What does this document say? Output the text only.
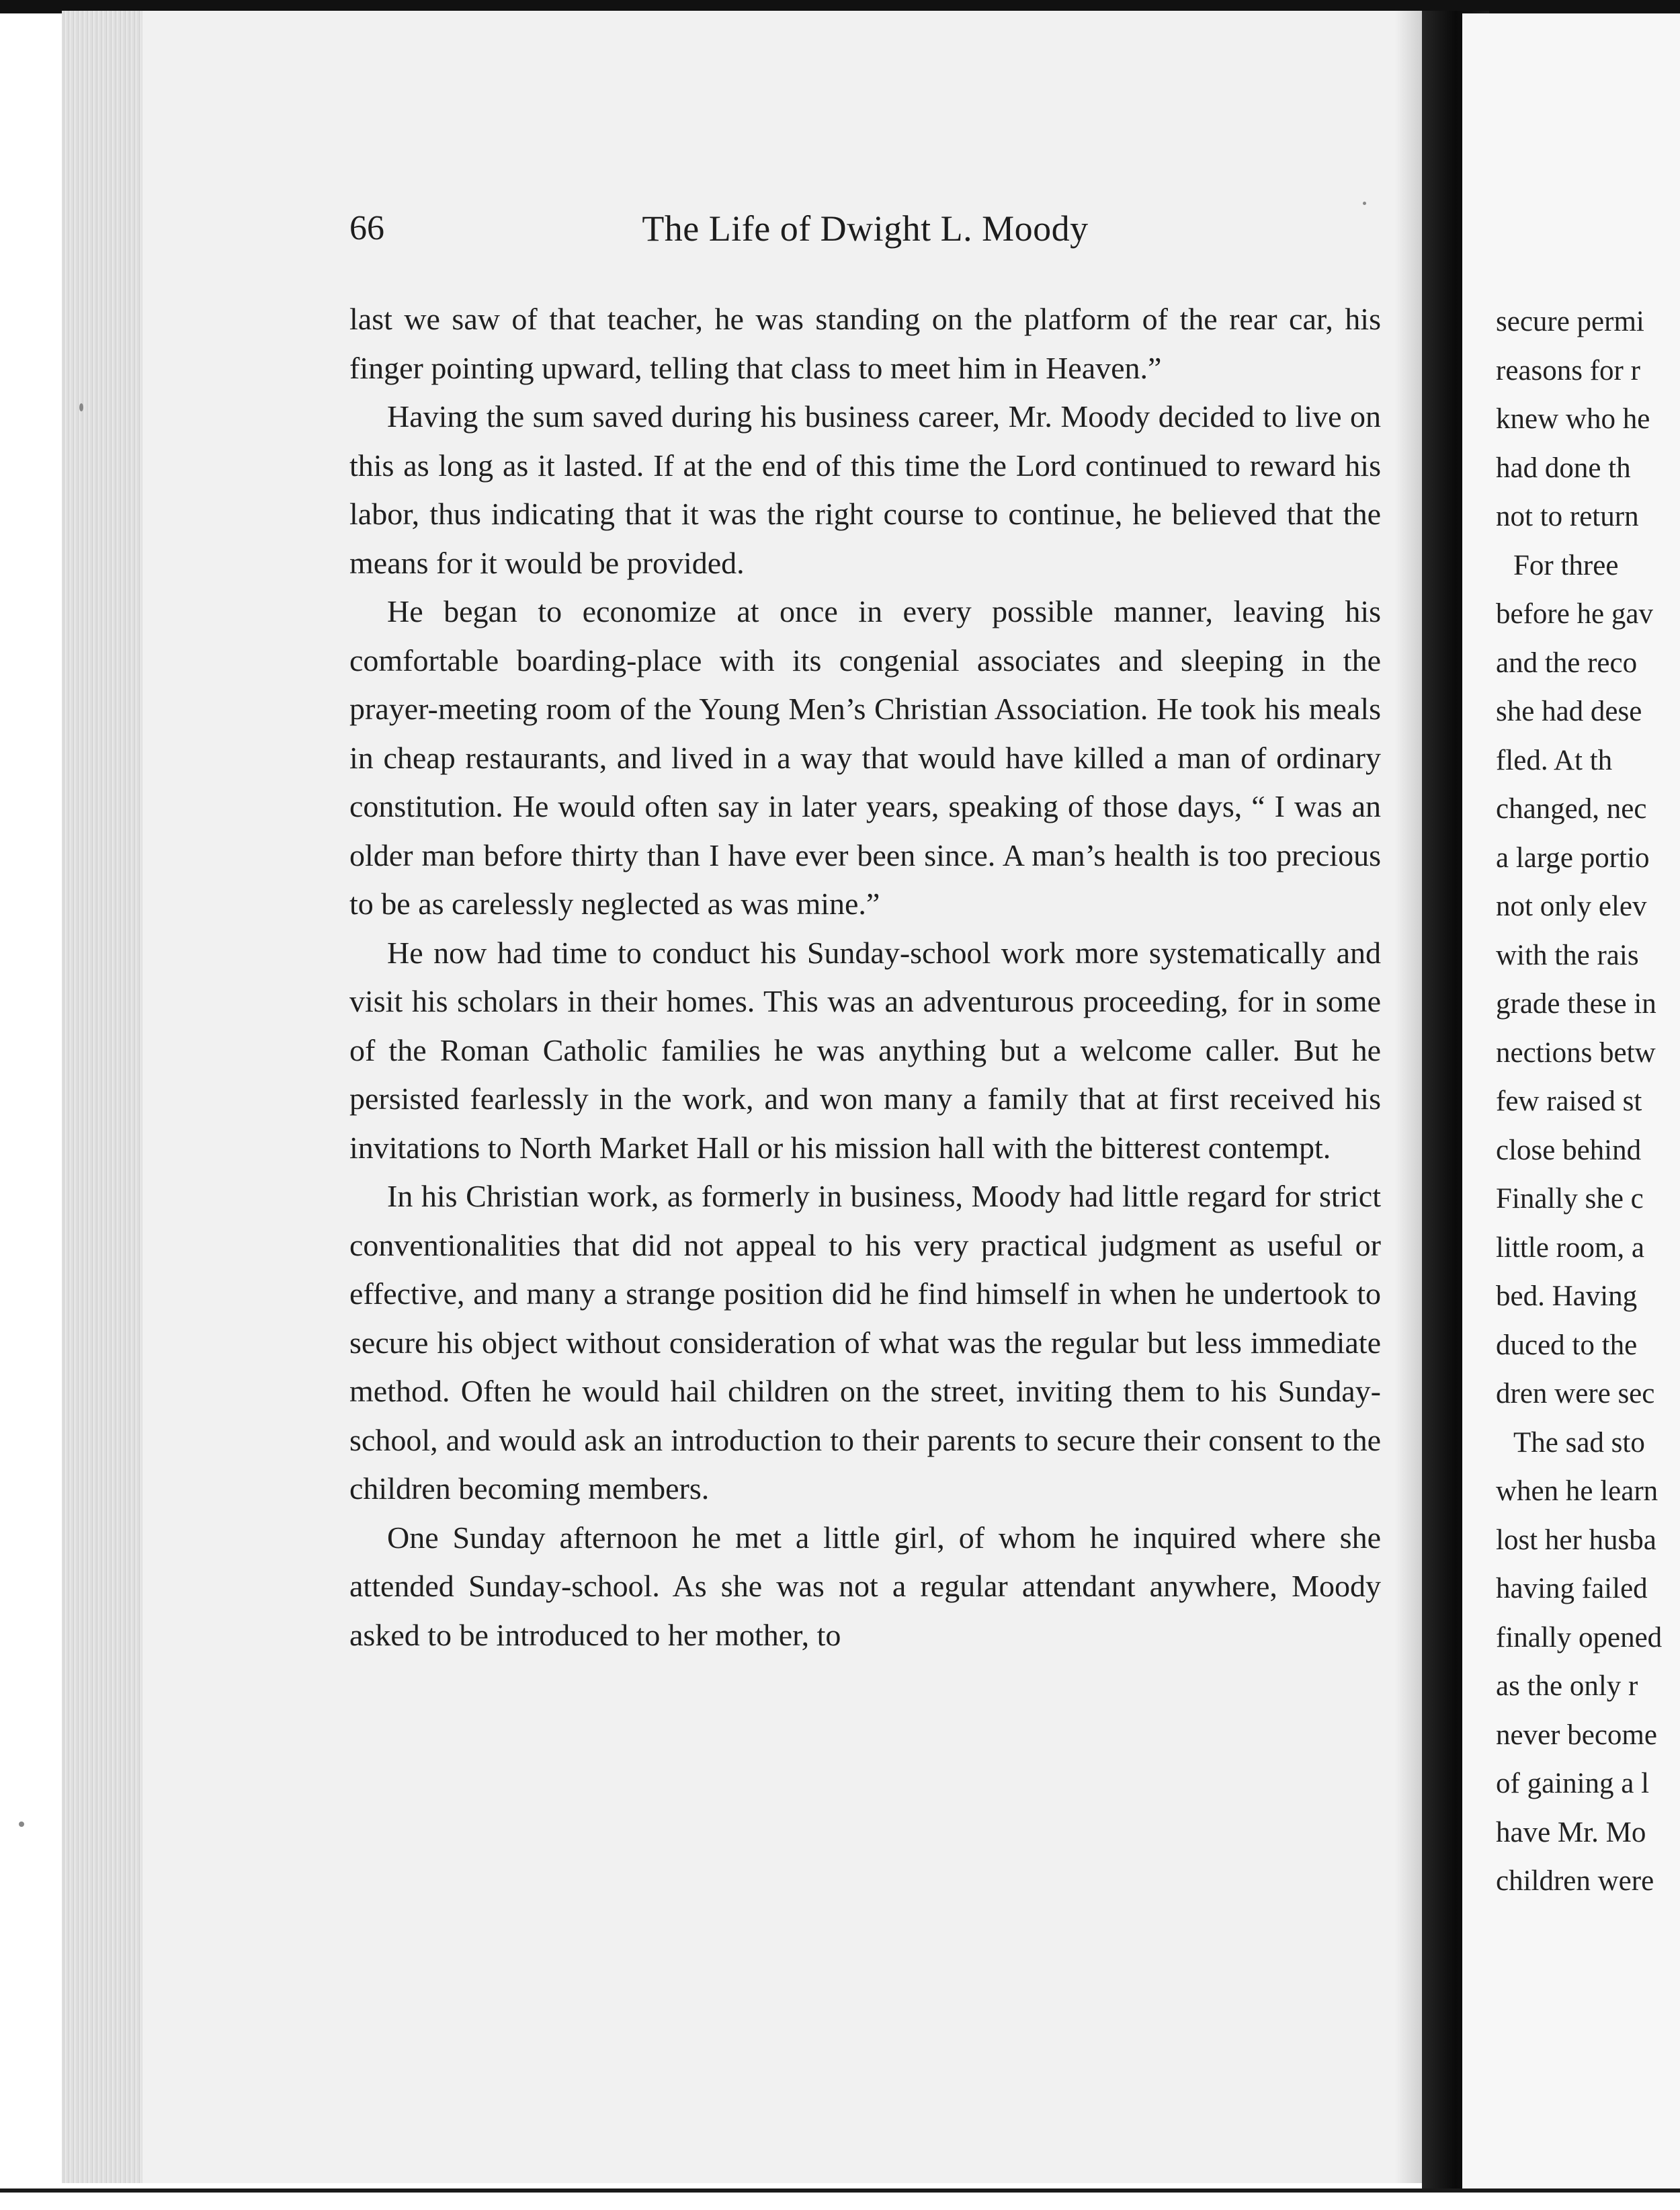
secure permi
reasons for r
knew who he
had done th
not to return
For three
before he gav
and the reco
she had dese
fled. At th
changed, nec
a large portio
not only elev
with the rais
grade these in
nections betw
few raised st
close behind
Finally she c
little room, a
bed. Having
duced to the
dren were sec
The sad sto
when he learn
lost her husba
having failed
finally opened
as the only r
never become
of gaining a l
have Mr. Mo
children were
66	The Life of Dwight L. Moody

last we saw of that teacher, he was standing on the platform of the rear car, his finger pointing upward, telling that class to meet him in Heaven.”

Having the sum saved during his business career, Mr. Moody decided to live on this as long as it lasted. If at the end of this time the Lord continued to reward his labor, thus indicating that it was the right course to continue, he believed that the means for it would be provided.

He began to economize at once in every possible manner, leaving his comfortable boarding-place with its congenial associates and sleeping in the prayer-meeting room of the Young Men’s Christian Association. He took his meals in cheap restaurants, and lived in a way that would have killed a man of ordinary constitution. He would often say in later years, speaking of those days, “ I was an older man before thirty than I have ever been since. A man’s health is too precious to be as carelessly neglected as was mine.”

He now had time to conduct his Sunday-school work more systematically and visit his scholars in their homes. This was an adventurous proceeding, for in some of the Roman Catholic families he was anything but a welcome caller. But he persisted fearlessly in the work, and won many a family that at first received his invitations to North Market Hall or his mission hall with the bitterest contempt.

In his Christian work, as formerly in business, Moody had little regard for strict conventionalities that did not appeal to his very practical judgment as useful or effective, and many a strange position did he find himself in when he undertook to secure his object without consideration of what was the regular but less immediate method. Often he would hail children on the street, inviting them to his Sunday-school, and would ask an introduction to their parents to secure their consent to the children becoming members.

One Sunday afternoon he met a little girl, of whom he inquired where she attended Sunday-school. As she was not a regular attendant anywhere, Moody asked to be introduced to her mother, to
